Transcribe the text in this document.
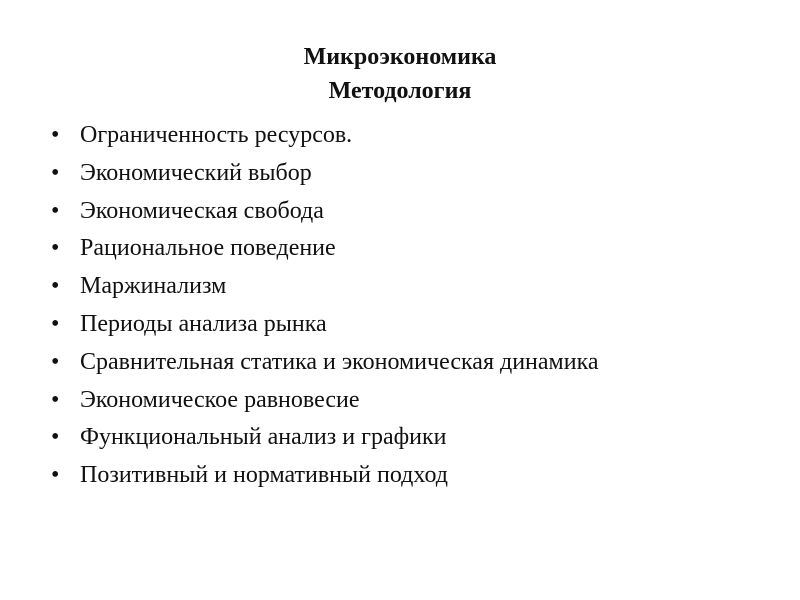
Микроэкономика
Методология
• Ограниченность ресурсов.
• Экономический выбор
• Экономическая свобода
• Рациональное поведение
• Маржинализм
• Периоды анализа рынка
• Сравнительная статика и экономическая динамика
• Экономическое равновесие
• Функциональный анализ и графики
• Позитивный и нормативный подход
